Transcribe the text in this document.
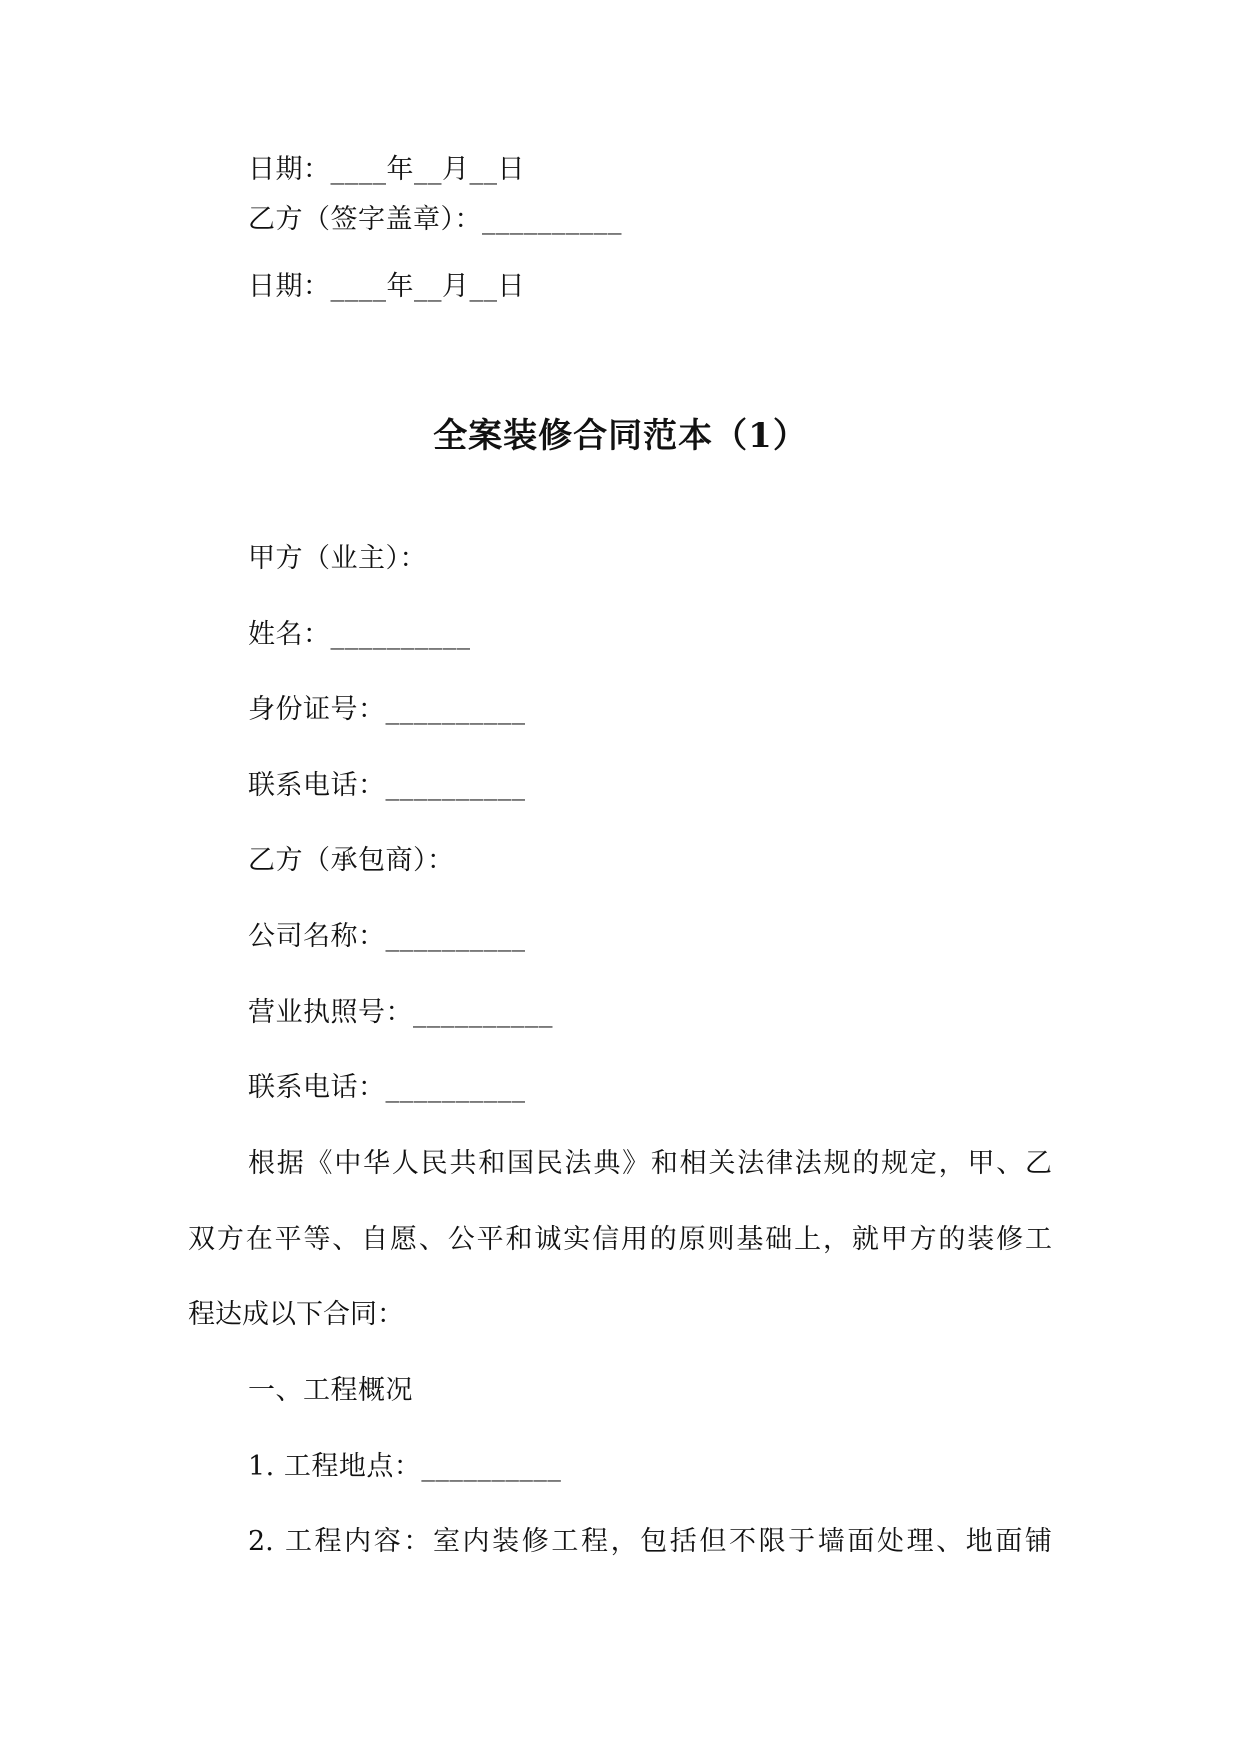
日期：____年__月__日
乙方（签字盖章）：__________
日期：____年__月__日
全案装修合同范本（1）
甲方（业主）：
姓名：__________
身份证号：__________
联系电话：__________
乙方（承包商）：
公司名称：__________
营业执照号：__________
联系电话：__________
根据《中华人民共和国民法典》和相关法律法规的规定，甲、乙
双方在平等、自愿、公平和诚实信用的原则基础上，就甲方的装修工
程达成以下合同：
一、工程概况
1. 工程地点：__________
2. 工程内容：室内装修工程，包括但不限于墙面处理、地面铺
